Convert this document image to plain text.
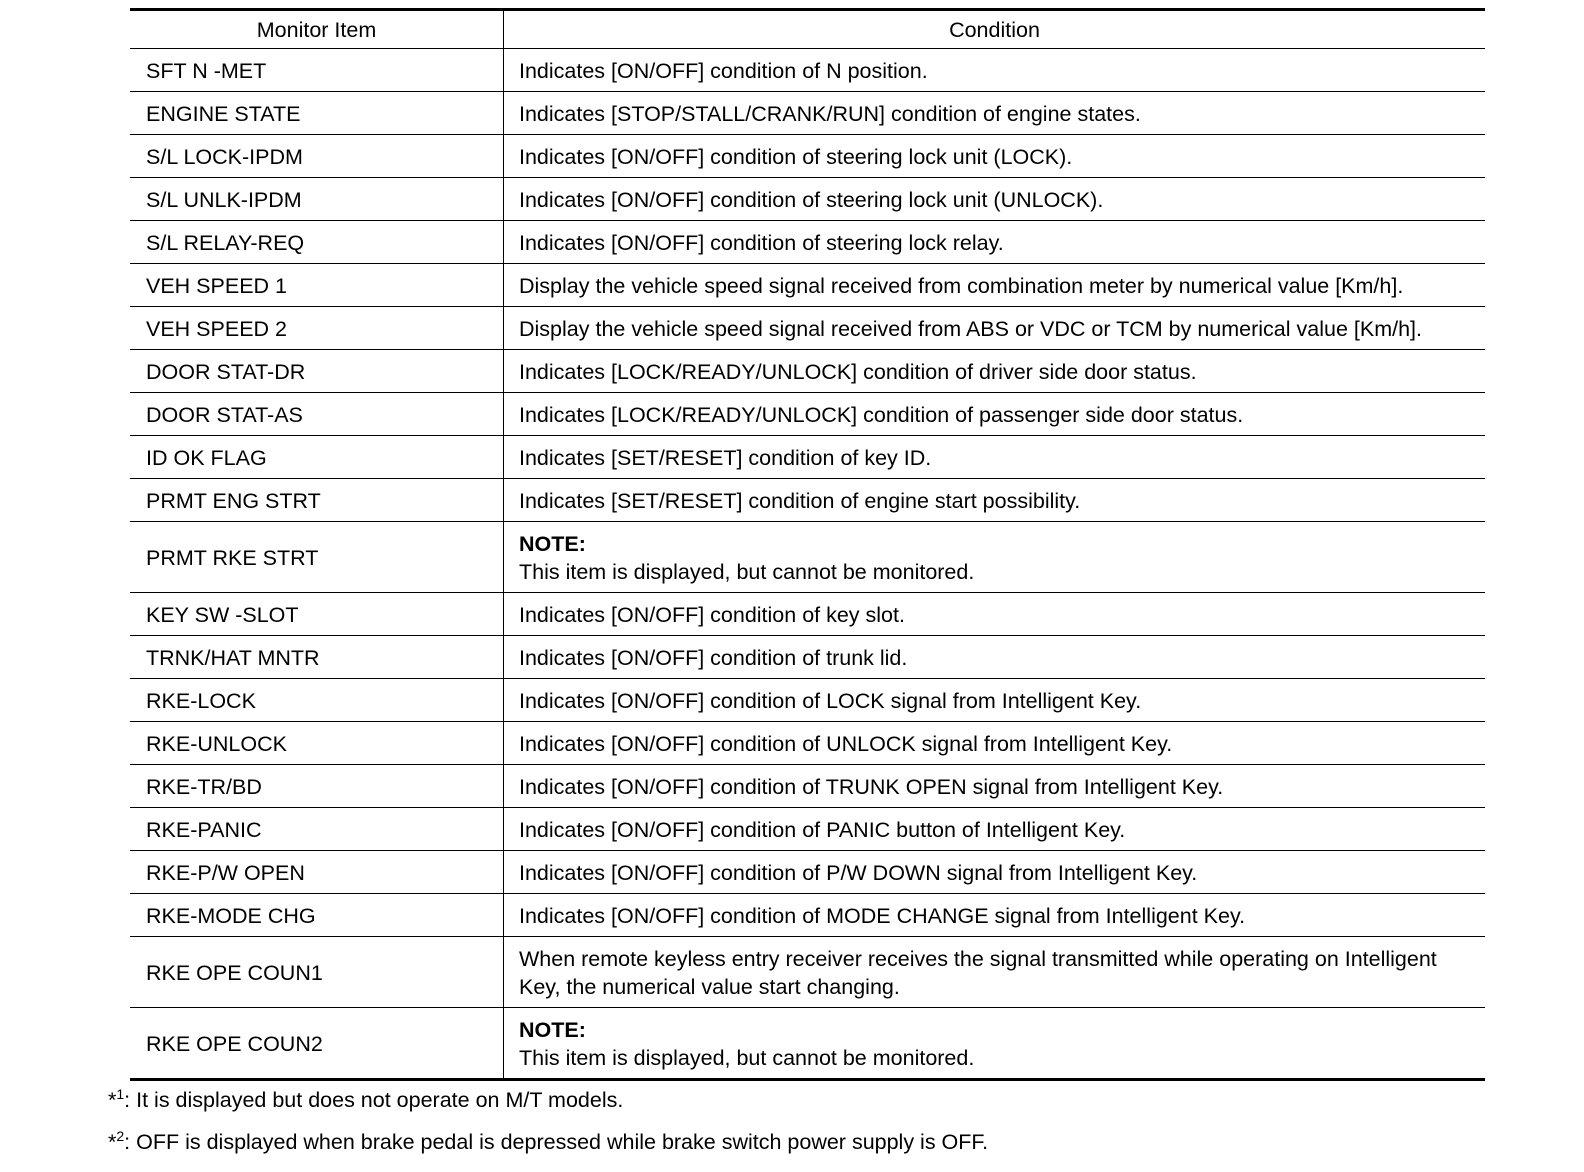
Monitor Item	Condition
SFT N -MET	Indicates [ON/OFF] condition of N position.
ENGINE STATE	Indicates [STOP/STALL/CRANK/RUN] condition of engine states.
S/L LOCK-IPDM	Indicates [ON/OFF] condition of steering lock unit (LOCK).
S/L UNLK-IPDM	Indicates [ON/OFF] condition of steering lock unit (UNLOCK).
S/L RELAY-REQ	Indicates [ON/OFF] condition of steering lock relay.
VEH SPEED 1	Display the vehicle speed signal received from combination meter by numerical value [Km/h].
VEH SPEED 2	Display the vehicle speed signal received from ABS or VDC or TCM by numerical value [Km/h].
DOOR STAT-DR	Indicates [LOCK/READY/UNLOCK] condition of driver side door status.
DOOR STAT-AS	Indicates [LOCK/READY/UNLOCK] condition of passenger side door status.
ID OK FLAG	Indicates [SET/RESET] condition of key ID.
PRMT ENG STRT	Indicates [SET/RESET] condition of engine start possibility.
PRMT RKE STRT	NOTE:
This item is displayed, but cannot be monitored.
KEY SW -SLOT	Indicates [ON/OFF] condition of key slot.
TRNK/HAT MNTR	Indicates [ON/OFF] condition of trunk lid.
RKE-LOCK	Indicates [ON/OFF] condition of LOCK signal from Intelligent Key.
RKE-UNLOCK	Indicates [ON/OFF] condition of UNLOCK signal from Intelligent Key.
RKE-TR/BD	Indicates [ON/OFF] condition of TRUNK OPEN signal from Intelligent Key.
RKE-PANIC	Indicates [ON/OFF] condition of PANIC button of Intelligent Key.
RKE-P/W OPEN	Indicates [ON/OFF] condition of P/W DOWN signal from Intelligent Key.
RKE-MODE CHG	Indicates [ON/OFF] condition of MODE CHANGE signal from Intelligent Key.
RKE OPE COUN1	When remote keyless entry receiver receives the signal transmitted while operating on Intelligent Key, the numerical value start changing.
RKE OPE COUN2	NOTE:
This item is displayed, but cannot be monitored.
*$^1$: It is displayed but does not operate on M/T models.
*$^2$: OFF is displayed when brake pedal is depressed while brake switch power supply is OFF.
